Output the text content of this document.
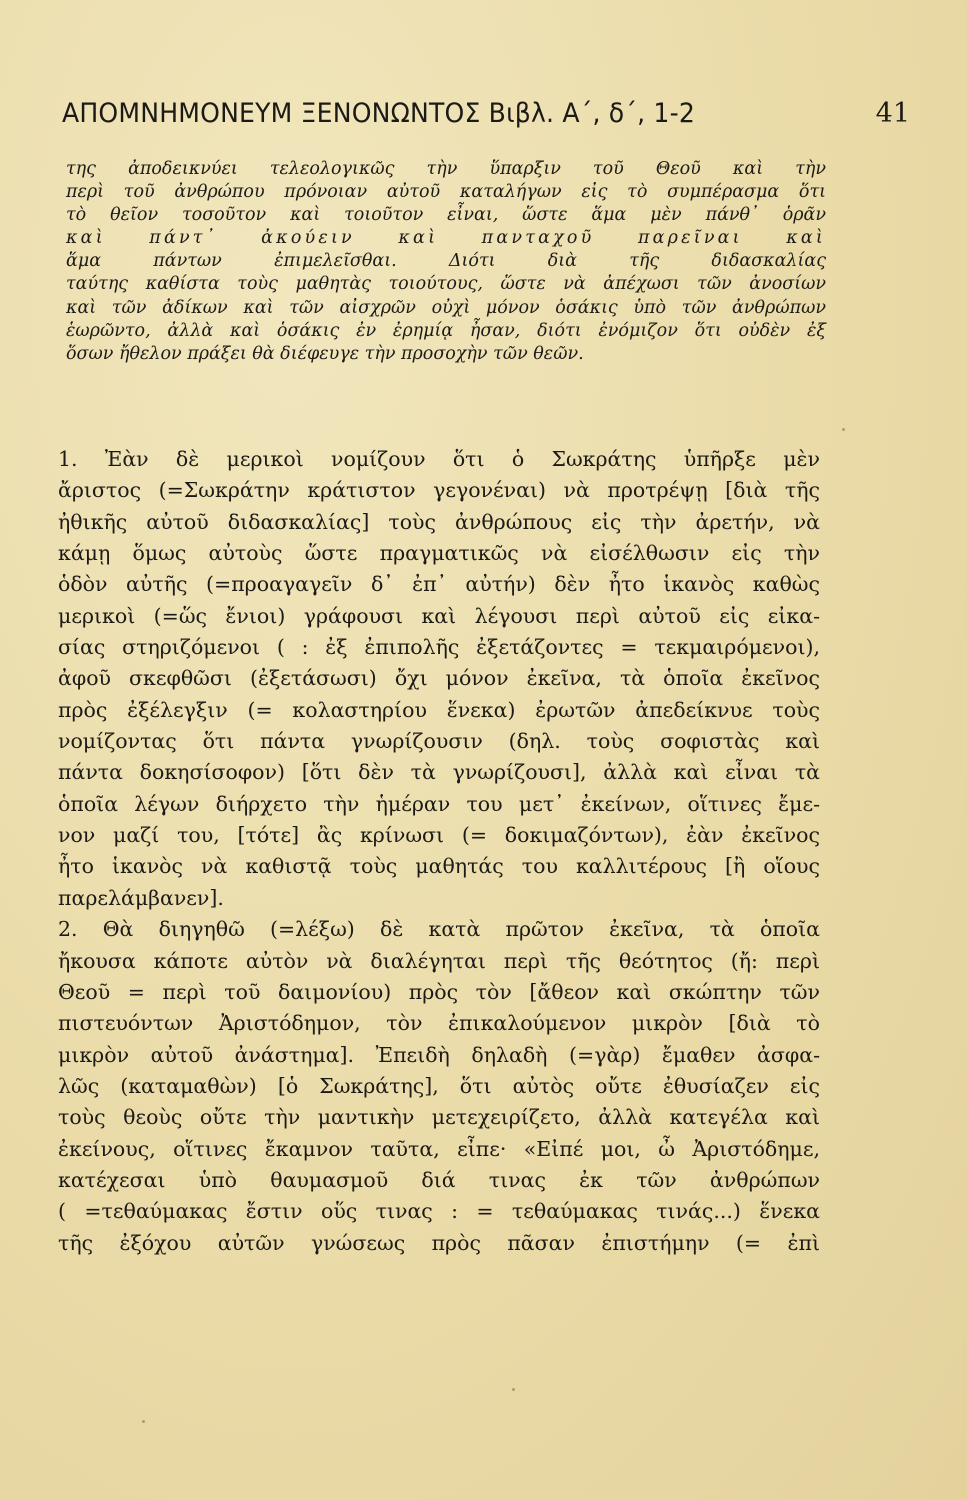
ΑΠΟΜΝΗΜΟΝΕΥΜ ΞΕΝΟΝΩΝΤΟΣ Βιβλ. Α΄, δ΄, 1-2	41
της ἀποδεικνύει τελεολογικῶς τὴν ὕπαρξιν τοῦ Θεοῦ καὶ τὴν
περὶ τοῦ ἀνθρώπου πρόνοιαν αὐτοῦ καταλήγων εἰς τὸ συμπέρασμα ὅτι
τὸ θεῖον τοσοῦτον καὶ τοιοῦτον εἶναι, ὥστε ἅμα μὲν πάνθ᾽ ὁρᾶν
καὶ πάντ᾽ ἀκούειν καὶ πανταχοῦ παρεῖναι καὶ
ἅμα πάντων ἐπιμελεῖσθαι. Διότι διὰ τῆς διδασκαλίας
ταύτης καθίστα τοὺς μαθητὰς τοιούτους, ὥστε νὰ ἀπέχωσι τῶν ἀνοσίων
καὶ τῶν ἀδίκων καὶ τῶν αἰσχρῶν οὐχὶ μόνον ὁσάκις ὑπὸ τῶν ἀνθρώπων
ἑωρῶντο, ἀλλὰ καὶ ὁσάκις ἐν ἐρημίᾳ ἦσαν, διότι ἐνόμιζον ὅτι οὐδὲν ἐξ
ὅσων ἤθελον πράξει θὰ διέφευγε τὴν προσοχὴν τῶν θεῶν.
1. Ἐὰν δὲ μερικοὶ νομίζουν ὅτι ὁ Σωκράτης ὑπῆρξε μὲν
ἄριστος (=Σωκράτην κράτιστον γεγονέναι) νὰ προτρέψῃ [διὰ τῆς
ἠθικῆς αὐτοῦ διδασκαλίας] τοὺς ἀνθρώπους εἰς τὴν ἀρετήν, νὰ
κάμῃ ὅμως αὐτοὺς ὥστε πραγματικῶς νὰ εἰσέλθωσιν εἰς τὴν
ὁδὸν αὐτῆς (=προαγαγεῖν δ᾽ ἐπ᾽ αὐτήν) δὲν ἦτο ἱκανὸς καθὼς
μερικοὶ (=ὥς ἔνιοι) γράφουσι καὶ λέγουσι περὶ αὐτοῦ εἰς εἰκα-
σίας στηριζόμενοι ( : ἐξ ἐπιπολῆς ἐξετάζοντες = τεκμαιρόμενοι),
ἀφοῦ σκεφθῶσι (ἐξετάσωσι) ὄχι μόνον ἐκεῖνα, τὰ ὁποῖα ἐκεῖνος
πρὸς ἐξέλεγξιν (= κολαστηρίου ἕνεκα) ἐρωτῶν ἀπεδείκνυε τοὺς
νομίζοντας ὅτι πάντα γνωρίζουσιν (δηλ. τοὺς σοφιστὰς καὶ
πάντα δοκησίσοφον) [ὅτι δὲν τὰ γνωρίζουσι], ἀλλὰ καὶ εἶναι τὰ
ὁποῖα λέγων διήρχετο τὴν ἡμέραν του μετ᾽ ἐκείνων, οἵτινες ἔμε-
νον μαζί του, [τότε] ἂς κρίνωσι (= δοκιμαζόντων), ἐὰν ἐκεῖνος
ἦτο ἱκανὸς νὰ καθιστᾷ τοὺς μαθητάς του καλλιτέρους [ἢ οἵους
παρελάμβανεν].
2. Θὰ διηγηθῶ (=λέξω) δὲ κατὰ πρῶτον ἐκεῖνα, τὰ ὁποῖα
ἤκουσα κάποτε αὐτὸν νὰ διαλέγηται περὶ τῆς θεότητος (ἤ: περὶ
Θεοῦ = περὶ τοῦ δαιμονίου) πρὸς τὸν [ἄθεον καὶ σκώπτην τῶν
πιστευόντων Ἀριστόδημον, τὸν ἐπικαλούμενον μικρὸν [διὰ τὸ
μικρὸν αὐτοῦ ἀνάστημα]. Ἐπειδὴ δηλαδὴ (=γὰρ) ἔμαθεν ἀσφα-
λῶς (καταμαθὼν) [ὁ Σωκράτης], ὅτι αὐτὸς οὔτε ἐθυσίαζεν εἰς
τοὺς θεοὺς οὔτε τὴν μαντικὴν μετεχειρίζετο, ἀλλὰ κατεγέλα καὶ
ἐκείνους, οἵτινες ἔκαμνον ταῦτα, εἶπε· «Εἰπέ μοι, ὦ Ἀριστόδημε,
κατέχεσαι ὑπὸ θαυμασμοῦ διά τινας ἐκ τῶν ἀνθρώπων
( =τεθαύμακας ἔστιν οὕς τινας : = τεθαύμακας τινάς...) ἕνεκα
τῆς ἐξόχου αὐτῶν γνώσεως πρὸς πᾶσαν ἐπιστήμην (= ἐπὶ
